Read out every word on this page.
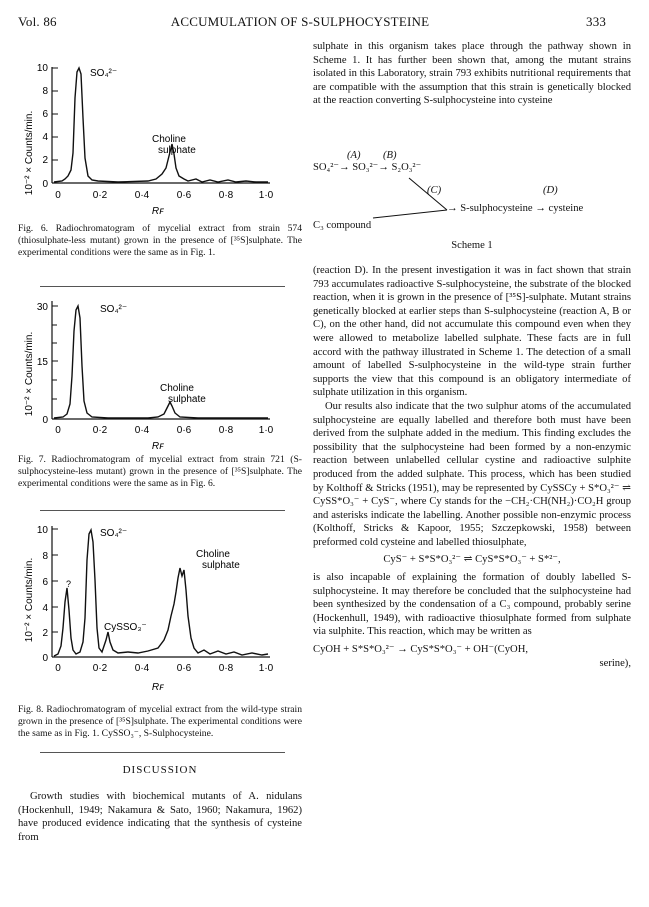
Vol. 86	ACCUMULATION OF S-SULPHOCYSTEINE	333
10⁻² × Counts/min.
10
8
6
4
2
0
0	0·2	0·4	0·6	0·8	1·0
Rꜰ
SO₄²⁻
Choline
sulphate
Fig. 6. Radiochromatogram of mycelial extract from strain 574 (thiosulphate-less mutant) grown in the presence of [³⁵S]sulphate. The experimental conditions were the same as in Fig. 1.
10⁻² × Counts/min.
30
15
0
0	0·2	0·4	0·6	0·8	1·0
Rꜰ
SO₄²⁻
Choline
sulphate
Fig. 7. Radiochromatogram of mycelial extract from strain 721 (S-sulphocysteine-less mutant) grown in the presence of [³⁵S]sulphate. The experimental conditions were the same as in Fig. 6.
10⁻² × Counts/min.
10
8
6
4
2
0
0	0·2	0·4	0·6	0·8	1·0
Rꜰ
SO₄²⁻
Choline
sulphate
CySSO₃⁻
?
Fig. 8. Radiochromatogram of mycelial extract from the wild-type strain grown in the presence of [³⁵S]sulphate. The experimental conditions were the same as in Fig. 1. CySSO₃⁻, S-Sulphocysteine.
DISCUSSION

Growth studies with biochemical mutants of A. nidulans (Hockenhull, 1949; Nakamura & Sato, 1960; Nakamura, 1962) have produced evidence indicating that the synthesis of cysteine from

sulphate in this organism takes place through the pathway shown in Scheme 1. It has further been shown that, among the mutant strains isolated in this Laboratory, strain 793 exhibits nutritional requirements that are compatible with the assumption that this strain is genetically blocked at the reaction converting S-sulphocysteine into cysteine

(A) (B)
SO₄²⁻→ SO₃²⁻→ S₂O₃²⁻
(C)	(D)
→ S-sulphocysteine → cysteine
C₃ compound
Scheme 1

(reaction D). In the present investigation it was in fact shown that strain 793 accumulates radioactive S-sulphocysteine, the substrate of the blocked reaction, when it is grown in the presence of [³⁵S]-sulphate. Mutant strains genetically blocked at earlier steps than S-sulphocysteine (reaction A, B or C), on the other hand, did not accumulate this compound even when they were allowed to metabolize labelled sulphate. These facts are in full accord with the pathway illustrated in Scheme 1. The detection of a small amount of labelled S-sulphocysteine in the wild-type strain further supports the view that this compound is an obligatory intermediate of sulphate utilization in this organism.

Our results also indicate that the two sulphur atoms of the accumulated sulphocysteine are equally labelled and therefore both must have been derived from the sulphate added in the medium. This finding excludes the possibility that the sulphocysteine had been formed by a non-enzymic reaction between unlabelled cellular cystine and radioactive sulphite produced from the added sulphate. This process, which has been studied by Kolthoff & Stricks (1951), may be represented by CySSCy + S*O₃²⁻ ⇌ CySS*O₃⁻ + CyS⁻, where Cy stands for the −CH₂·CH(NH₂)·CO₂H group and asterisks indicate the labelling. Another possible non-enzymic process (Kolthoff, Stricks & Kapoor, 1955; Szczepkowski, 1958) between preformed cold cysteine and labelled thiosulphate,

CyS⁻ + S*S*O₃²⁻ ⇌ CyS*S*O₃⁻ + S*²⁻,

is also incapable of explaining the formation of doubly labelled S-sulphocysteine. It may therefore be concluded that the sulphocysteine had been synthesized by the condensation of a C₃ compound, probably serine (Hockenhull, 1949), with radioactive thiosulphate formed from sulphate via sulphite. This reaction, which may be written as

CyOH + S*S*O₃²⁻ → CyS*S*O₃⁻ + OH⁻(CyOH,

serine),
